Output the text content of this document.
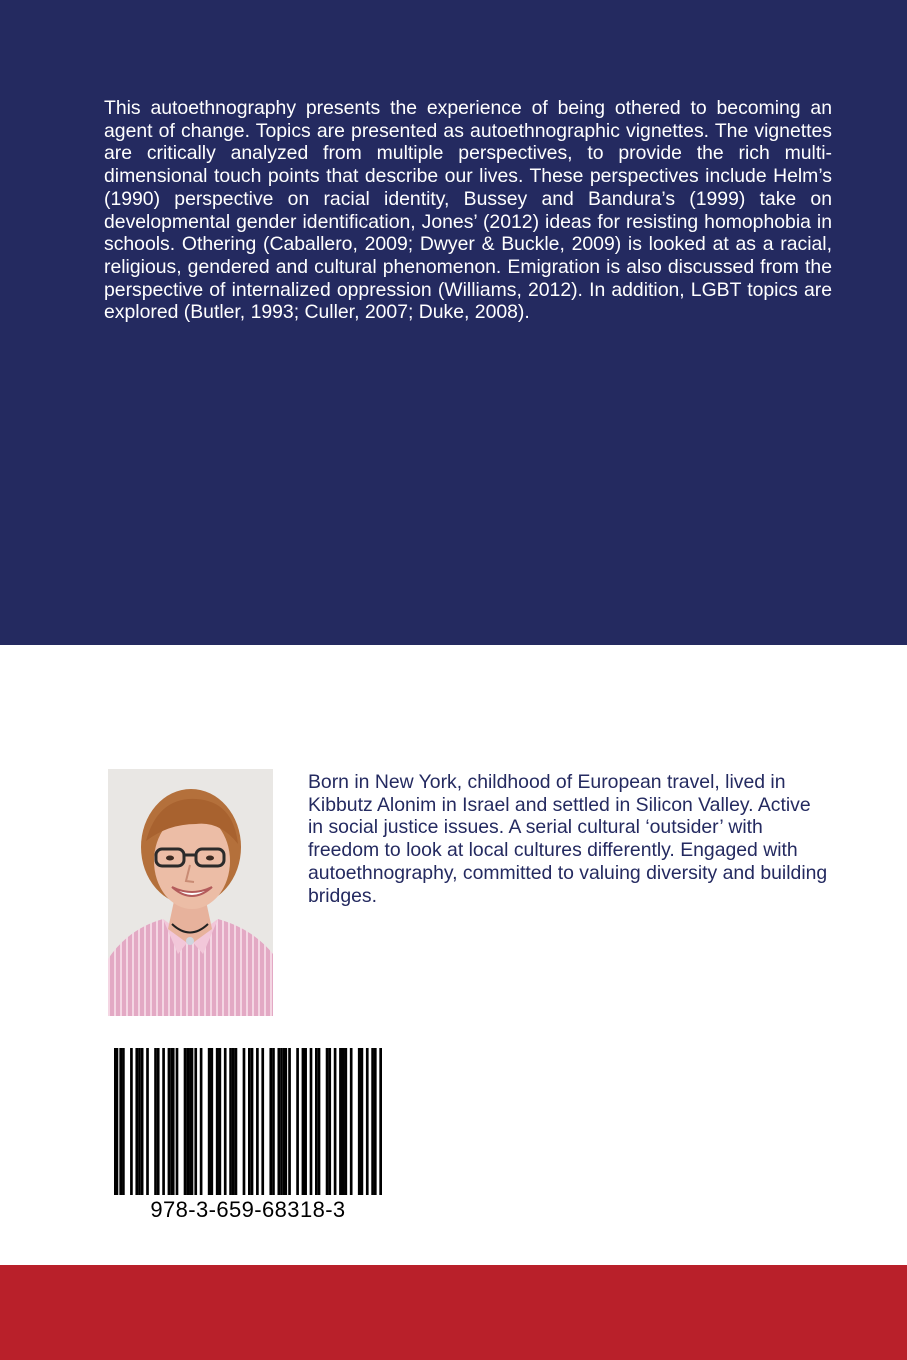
This autoethnography presents the experience of being othered to becoming an agent of change. Topics are presented as autoethnographic vignettes. The vignettes are critically analyzed from multiple perspectives, to provide the rich multi-dimensional touch points that describe our lives. These perspectives include Helm’s (1990) perspective on racial identity, Bussey and Bandura’s (1999) take on developmental gender identification, Jones’ (2012) ideas for resisting homophobia in schools. Othering (Caballero, 2009; Dwyer & Buckle, 2009) is looked at as a racial, religious, gendered and cultural phenomenon. Emigration is also discussed from the perspective of internalized oppression (Williams, 2012). In addition, LGBT topics are explored (Butler, 1993; Culler, 2007; Duke, 2008).

Born in New York, childhood of European travel, lived in Kibbutz Alonim in Israel and settled in Silicon Valley. Active in social justice issues. A serial cultural ‘outsider’ with freedom to look at local cultures differently. Engaged with autoethnography, committed to valuing diversity and building bridges.

978-3-659-68318-3
